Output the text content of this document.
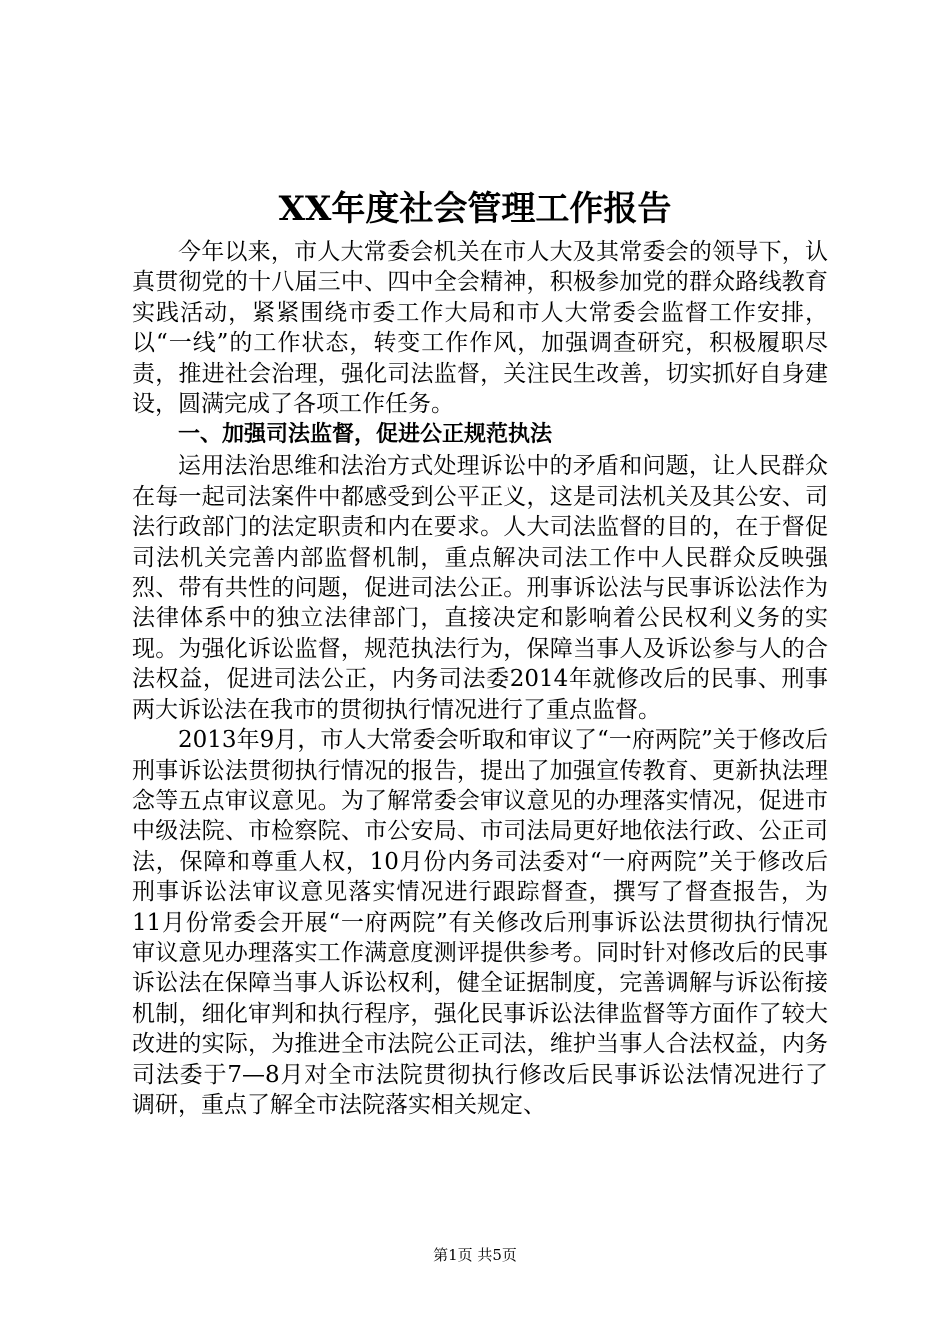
XX年度社会管理工作报告

今年以来，市人大常委会机关在市人大及其常委会的领导下，认真贯彻党的十八届三中、四中全会精神，积极参加党的群众路线教育实践活动，紧紧围绕市委工作大局和市人大常委会监督工作安排，以“一线”的工作状态，转变工作作风，加强调查研究，积极履职尽责，推进社会治理，强化司法监督，关注民生改善，切实抓好自身建设，圆满完成了各项工作任务。

一、加强司法监督，促进公正规范执法

运用法治思维和法治方式处理诉讼中的矛盾和问题，让人民群众在每一起司法案件中都感受到公平正义，这是司法机关及其公安、司法行政部门的法定职责和内在要求。人大司法监督的目的，在于督促司法机关完善内部监督机制，重点解决司法工作中人民群众反映强烈、带有共性的问题，促进司法公正。刑事诉讼法与民事诉讼法作为法律体系中的独立法律部门，直接决定和影响着公民权利义务的实现。为强化诉讼监督，规范执法行为，保障当事人及诉讼参与人的合法权益，促进司法公正，内务司法委2014年就修改后的民事、刑事两大诉讼法在我市的贯彻执行情况进行了重点监督。

2013年9月，市人大常委会听取和审议了“一府两院”关于修改后刑事诉讼法贯彻执行情况的报告，提出了加强宣传教育、更新执法理念等五点审议意见。为了解常委会审议意见的办理落实情况，促进市中级法院、市检察院、市公安局、市司法局更好地依法行政、公正司法，保障和尊重人权，10月份内务司法委对“一府两院”关于修改后刑事诉讼法审议意见落实情况进行跟踪督查，撰写了督查报告，为11月份常委会开展“一府两院”有关修改后刑事诉讼法贯彻执行情况审议意见办理落实工作满意度测评提供参考。同时针对修改后的民事诉讼法在保障当事人诉讼权利，健全证据制度，完善调解与诉讼衔接机制，细化审判和执行程序，强化民事诉讼法律监督等方面作了较大改进的实际，为推进全市法院公正司法，维护当事人合法权益，内务司法委于7—8月对全市法院贯彻执行修改后民事诉讼法情况进行了调研，重点了解全市法院落实相关规定、

第1页 共5页
